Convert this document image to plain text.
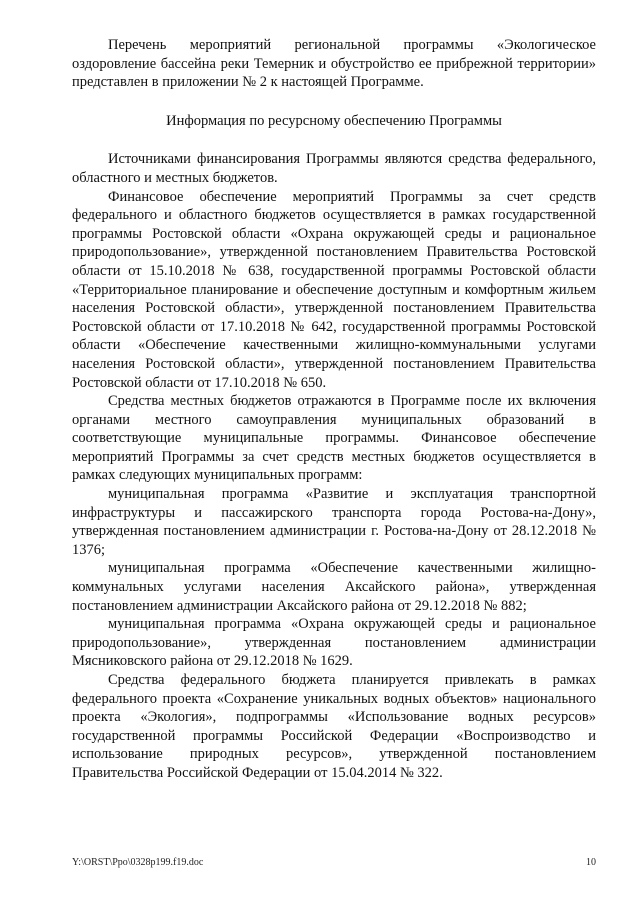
Перечень мероприятий региональной программы «Экологическое оздоровление бассейна реки Темерник и обустройство ее прибрежной территории» представлен в приложении № 2 к настоящей Программе.

Информация по ресурсному обеспечению Программы

Источниками финансирования Программы являются средства федерального, областного и местных бюджетов.

Финансовое обеспечение мероприятий Программы за счет средств федерального и областного бюджетов осуществляется в рамках государственной программы Ростовской области «Охрана окружающей среды и рациональное природопользование», утвержденной постановлением Правительства Ростовской области от 15.10.2018 № 638, государственной программы Ростовской области «Территориальное планирование и обеспечение доступным и комфортным жильем населения Ростовской области», утвержденной постановлением Правительства Ростовской области от 17.10.2018 № 642, государственной программы Ростовской области «Обеспечение качественными жилищно-коммунальными услугами населения Ростовской области», утвержденной постановлением Правительства Ростовской области от 17.10.2018 № 650.

Средства местных бюджетов отражаются в Программе после их включения органами местного самоуправления муниципальных образований в соответствующие муниципальные программы. Финансовое обеспечение мероприятий Программы за счет средств местных бюджетов осуществляется в рамках следующих муниципальных программ:

муниципальная программа «Развитие и эксплуатация транспортной инфраструктуры и пассажирского транспорта города Ростова-на-Дону», утвержденная постановлением администрации г. Ростова-на-Дону от 28.12.2018 № 1376;

муниципальная программа «Обеспечение качественными жилищно-коммунальных услугами населения Аксайского района», утвержденная постановлением администрации Аксайского района от 29.12.2018 № 882;

муниципальная программа «Охрана окружающей среды и рациональное природопользование», утвержденная постановлением администрации Мясниковского района от 29.12.2018 № 1629.

Средства федерального бюджета планируется привлекать в рамках федерального проекта «Сохранение уникальных водных объектов» национального проекта «Экология», подпрограммы «Использование водных ресурсов» государственной программы Российской Федерации «Воспроизводство и использование природных ресурсов», утвержденной постановлением Правительства Российской Федерации от 15.04.2014 № 322.

Y:\ORST\Ppo\0328p199.f19.doc	10
